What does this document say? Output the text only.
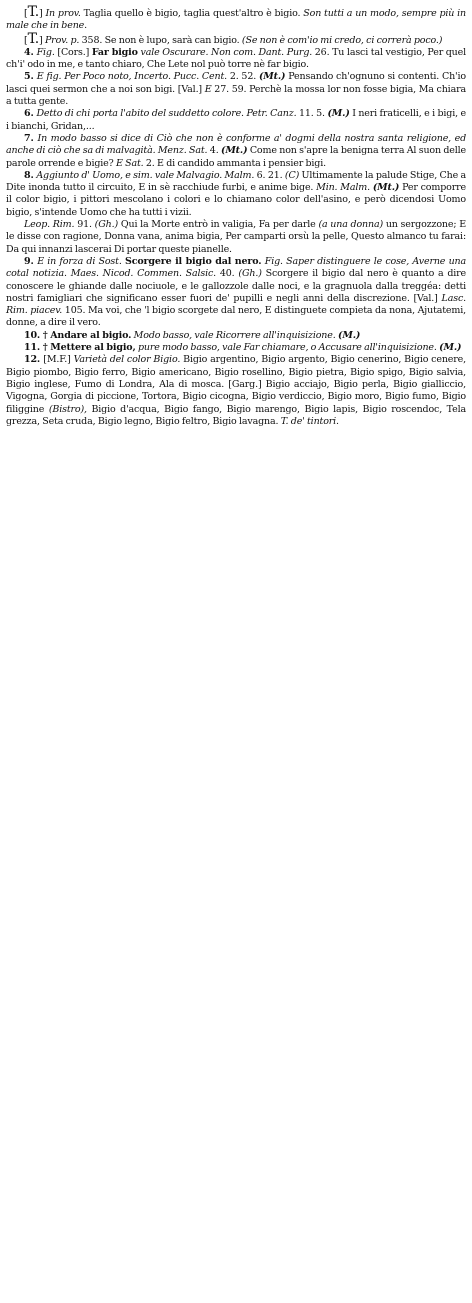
[T.] In prov. Taglia quello è bigio, taglia quest'altro è bigio. Son tutti a un modo, sempre più in male che in bene.

[T.] Prov. p. 358. Se non è lupo, sarà can bigio. (Se non è com'io mi credo, ci correrà poco.)

4. Fig. [Cors.] Far bigio vale Oscurare. Non com. Dant. Purg. 26. Tu lasci tal vestigio, Per quel ch'i' odo in me, e tanto chiaro, Che Lete nol può torre nè far bigio.

5. E fig. Per Poco noto, Incerto. Pucc. Cent. 2. 52. (Mt.) Pensando ch'ognuno si contenti. Ch'io lasci quei sermon che a noi son bigi. [Val.] E 27. 59. Perchè la mossa lor non fosse bigia, Ma chiara a tutta gente.

6. Detto di chi porta l'abito del suddetto colore. Petr. Canz. 11. 5. (M.) I neri fraticelli, e i bigi, e i bianchi, Gridan,...

7. In modo basso si dice di Ciò che non è conforme a' dogmi della nostra santa religione, ed anche di ciò che sa di malvagità. Menz. Sat. 4. (Mt.) Come non s'apre la benigna terra Al suon delle parole orrende e bigie? E Sat. 2. E di candido ammanta i pensier bigi.

8. Aggiunto d' Uomo, e sim. vale Malvagio. Malm. 6. 21. (C) Ultimamente la palude Stige, Che a Dite inonda tutto il circuito, E in sè racchiude furbi, e anime bige. Min. Malm. (Mt.) Per comporre il color bigio, i pittori mescolano i colori e lo chiamano color dell'asino, e però dicendosi Uomo bigio, s'intende Uomo che ha tutti i vizii.

Leop. Rim. 91. (Gh.) Qui la Morte entrò in valigia, Fa per darle (a una donna) un sergozzone; E le disse con ragione, Donna vana, anima bigia, Per camparti orsù la pelle, Questo almanco tu farai: Da qui innanzi lascerai Di portar queste pianelle.

9. E in forza di Sost. Scorgere il bigio dal nero. Fig. Saper distinguere le cose, Averne una cotal notizia. Maes. Nicod. Commen. Salsic. 40. (Gh.) Scorgere il bigio dal nero è quanto a dire conoscere le ghiande dalle nociuole, e le gallozzole dalle noci, e la gragnuola dalla treggéa: detti nostri famigliari che significano esser fuori de' pupilli e negli anni della discrezione. [Val.] Lasc. Rim. piacev. 105. Ma voi, che 'l bigio scorgete dal nero, E distinguete compieta da nona, Ajutatemi, donne, a dire il vero.

10. † Andare al bigio. Modo basso, vale Ricorrere all'inquisizione. (M.)

11. † Mettere al bigio, pure modo basso, vale Far chiamare, o Accusare all'inquisizione. (M.)

12. [M.F.] Varietà del color Bigio. Bigio argentino, Bigio argento, Bigio cenerino, Bigio cenere, Bigio piombo, Bigio ferro, Bigio americano, Bigio rosellino, Bigio pietra, Bigio spigo, Bigio salvia, Bigio inglese, Fumo di Londra, Ala di mosca. [Garg.] Bigio acciajo, Bigio perla, Bigio gialliccio, Vigogna, Gorgia di piccione, Tortora, Bigio cicogna, Bigio verdiccio, Bigio moro, Bigio fumo, Bigio filiggine (Bistro), Bigio d'acqua, Bigio fango, Bigio marengo, Bigio lapis, Bigio roscendoc, Tela grezza, Seta cruda, Bigio legno, Bigio feltro, Bigio lavagna. T. de' tintori.
